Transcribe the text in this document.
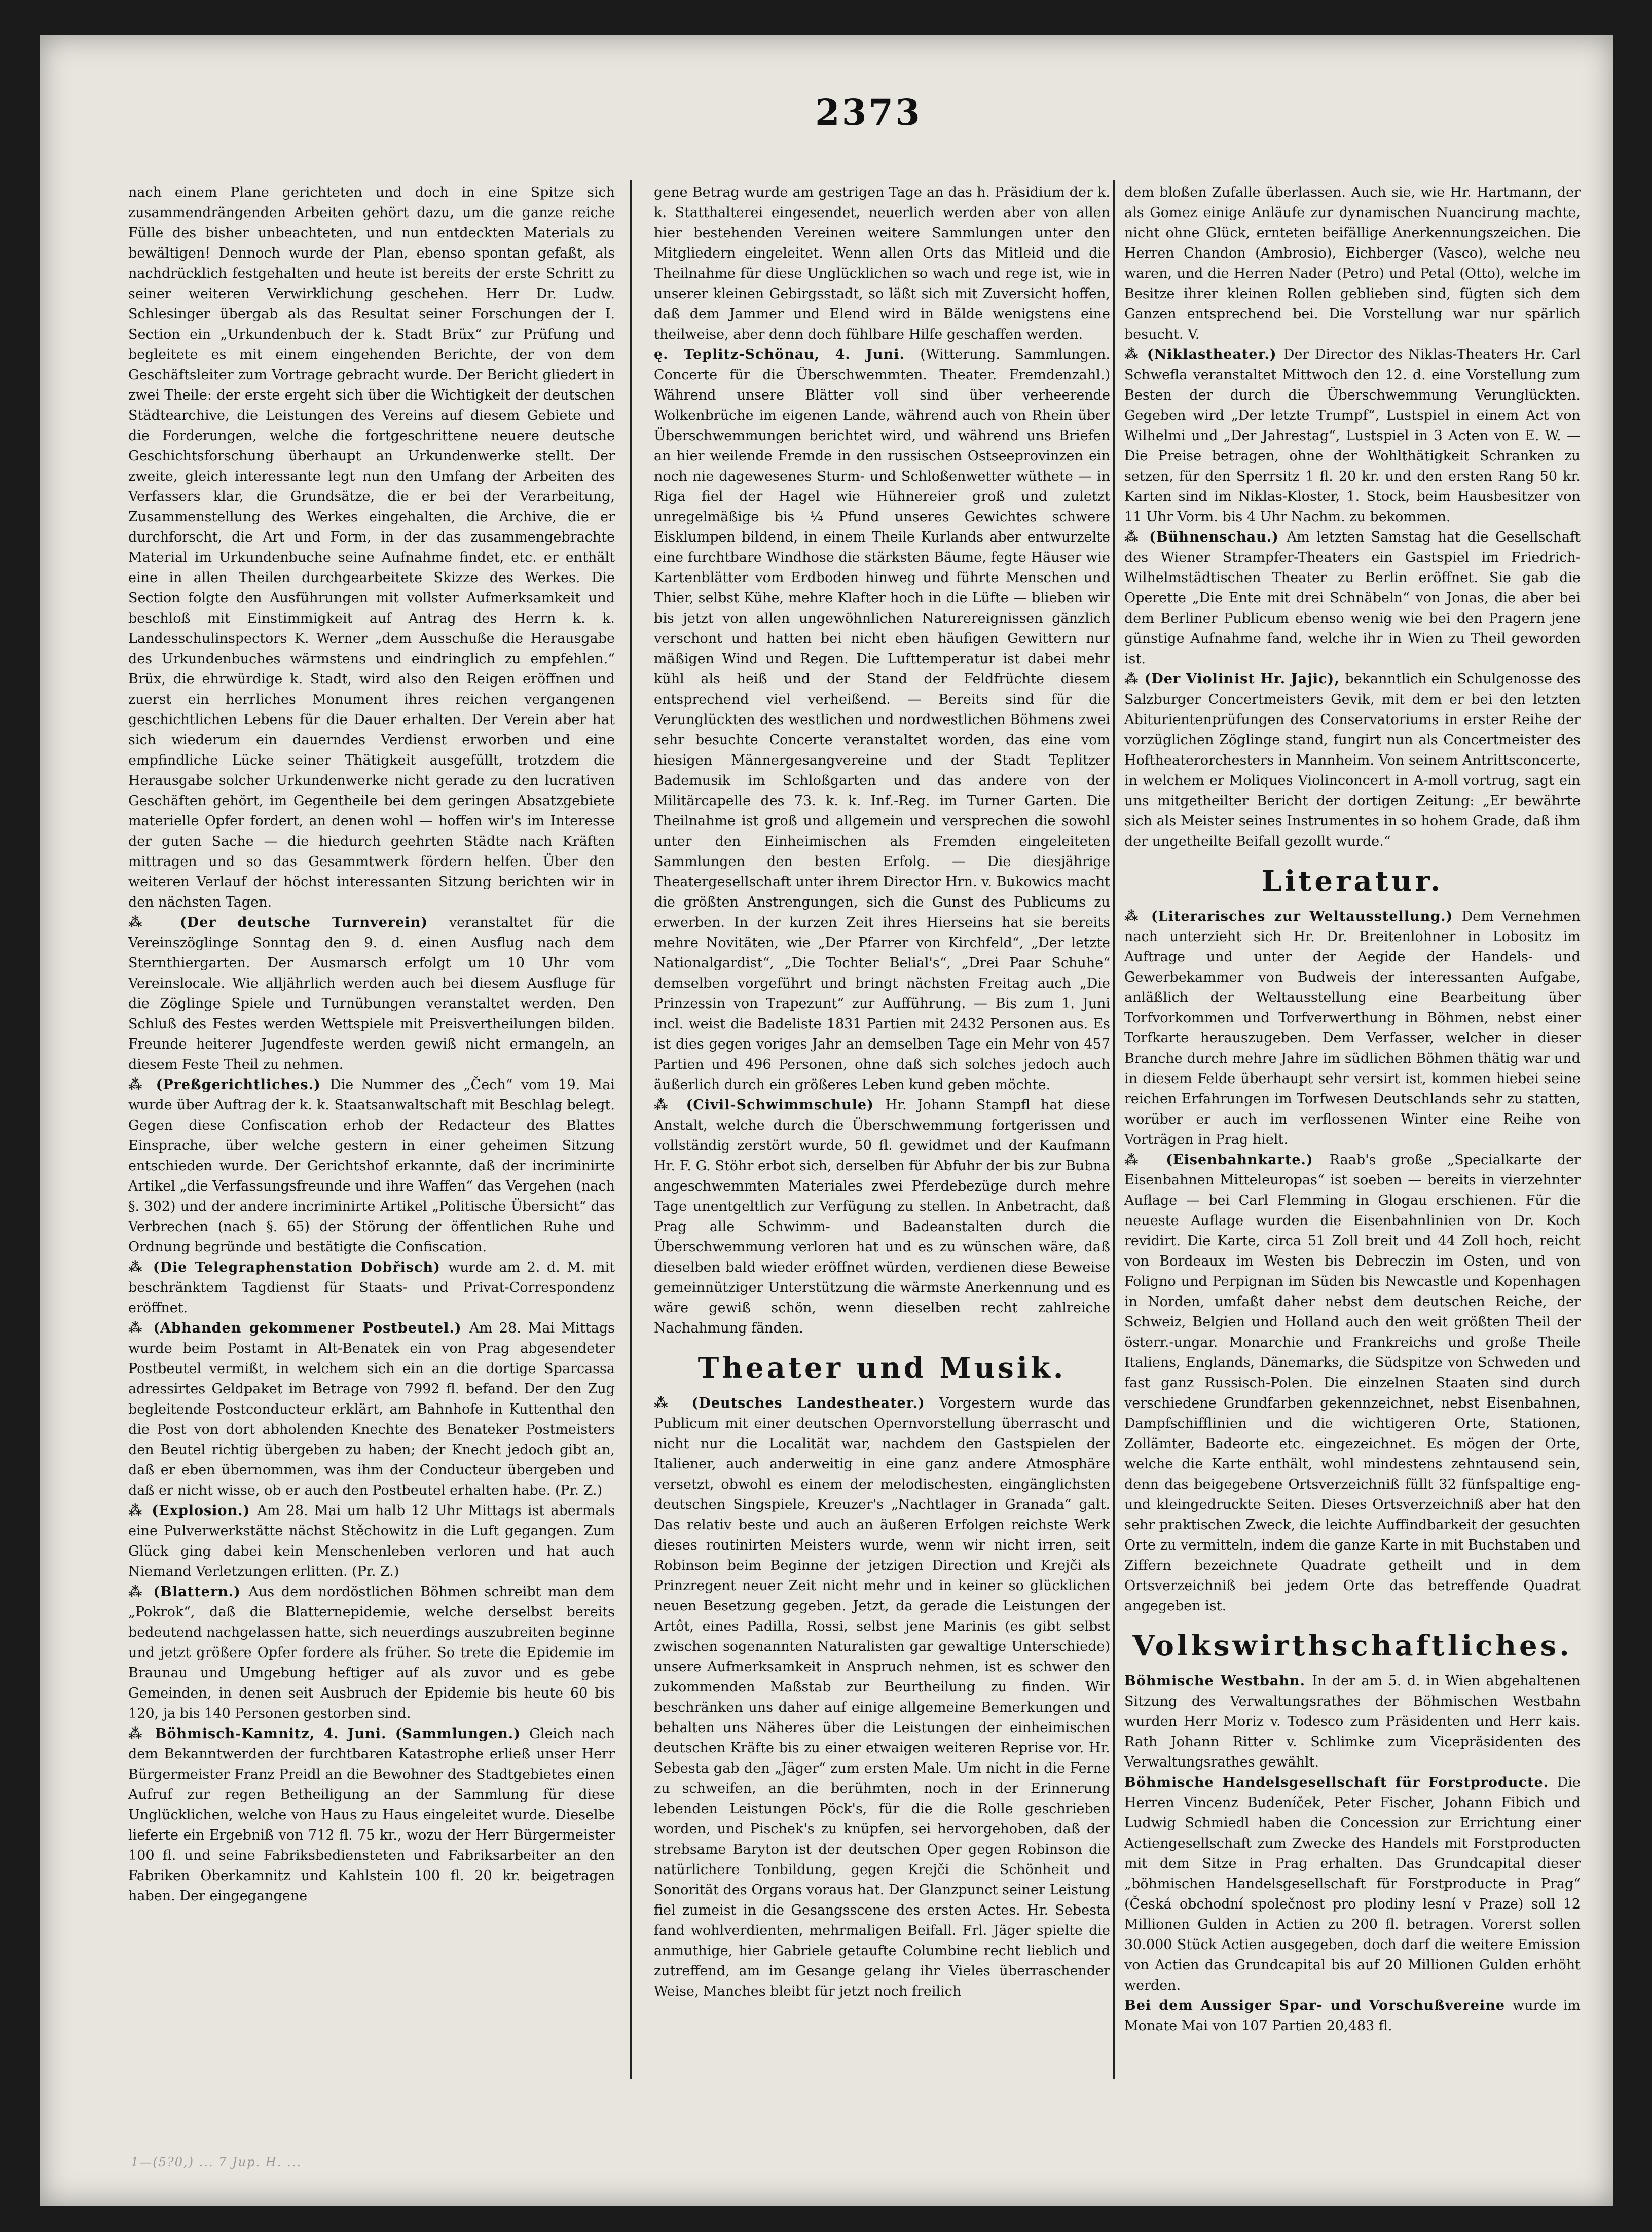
2373

nach einem Plane gerichteten und doch in eine Spitze sich zusammendrängenden Arbeiten gehört dazu, um die ganze reiche Fülle des bisher unbeachteten, und nun entdeckten Materials zu bewältigen! Dennoch wurde der Plan, ebenso spontan gefaßt, als nachdrücklich festgehalten und heute ist bereits der erste Schritt zu seiner weiteren Verwirklichung geschehen. Herr Dr. Ludw. Schlesinger übergab als das Resultat seiner Forschungen der I. Section ein „Urkundenbuch der k. Stadt Brüx“ zur Prüfung und begleitete es mit einem eingehenden Berichte, der von dem Geschäftsleiter zum Vortrage gebracht wurde. Der Bericht gliedert in zwei Theile: der erste ergeht sich über die Wichtigkeit der deutschen Städtearchive, die Leistungen des Vereins auf diesem Gebiete und die Forderungen, welche die fortgeschrittene neuere deutsche Geschichtsforschung überhaupt an Urkundenwerke stellt. Der zweite, gleich interessante legt nun den Umfang der Arbeiten des Verfassers klar, die Grundsätze, die er bei der Verarbeitung, Zusammenstellung des Werkes eingehalten, die Archive, die er durchforscht, die Art und Form, in der das zusammengebrachte Material im Urkundenbuche seine Aufnahme findet, etc. er enthält eine in allen Theilen durchgearbeitete Skizze des Werkes. Die Section folgte den Ausführungen mit vollster Aufmerksamkeit und beschloß mit Einstimmigkeit auf Antrag des Herrn k. k. Landesschulinspectors K. Werner „dem Ausschuße die Herausgabe des Urkundenbuches wärmstens und eindringlich zu empfehlen.“ Brüx, die ehrwürdige k. Stadt, wird also den Reigen eröffnen und zuerst ein herrliches Monument ihres reichen vergangenen geschichtlichen Lebens für die Dauer erhalten. Der Verein aber hat sich wiederum ein dauerndes Verdienst erworben und eine empfindliche Lücke seiner Thätigkeit ausgefüllt, trotzdem die Herausgabe solcher Urkundenwerke nicht gerade zu den lucrativen Geschäften gehört, im Gegentheile bei dem geringen Absatzgebiete materielle Opfer fordert, an denen wohl — hoffen wir's im Interesse der guten Sache — die hiedurch geehrten Städte nach Kräften mittragen und so das Gesammtwerk fördern helfen. Über den weiteren Verlauf der höchst interessanten Sitzung berichten wir in den nächsten Tagen.

⁂ (Der deutsche Turnverein) veranstaltet für die Vereinszöglinge Sonntag den 9. d. einen Ausflug nach dem Sternthiergarten. Der Ausmarsch erfolgt um 10 Uhr vom Vereinslocale. Wie alljährlich werden auch bei diesem Ausfluge für die Zöglinge Spiele und Turnübungen veranstaltet werden. Den Schluß des Festes werden Wettspiele mit Preisvertheilungen bilden. Freunde heiterer Jugendfeste werden gewiß nicht ermangeln, an diesem Feste Theil zu nehmen.

⁂ (Preßgerichtliches.) Die Nummer des „Čech“ vom 19. Mai wurde über Auftrag der k. k. Staatsanwaltschaft mit Beschlag belegt. Gegen diese Confiscation erhob der Redacteur des Blattes Einsprache, über welche gestern in einer geheimen Sitzung entschieden wurde. Der Gerichtshof erkannte, daß der incriminirte Artikel „die Verfassungsfreunde und ihre Waffen“ das Vergehen (nach §. 302) und der andere incriminirte Artikel „Politische Übersicht“ das Verbrechen (nach §. 65) der Störung der öffentlichen Ruhe und Ordnung begründe und bestätigte die Confiscation.

⁂ (Die Telegraphenstation Dobřisch) wurde am 2. d. M. mit beschränktem Tagdienst für Staats- und Privat-Correspondenz eröffnet.

⁂ (Abhanden gekommener Postbeutel.) Am 28. Mai Mittags wurde beim Postamt in Alt-Benatek ein von Prag abgesendeter Postbeutel vermißt, in welchem sich ein an die dortige Sparcassa adressirtes Geldpaket im Betrage von 7992 fl. befand. Der den Zug begleitende Postconducteur erklärt, am Bahnhofe in Kuttenthal den die Post von dort abholenden Knechte des Benateker Postmeisters den Beutel richtig übergeben zu haben; der Knecht jedoch gibt an, daß er eben übernommen, was ihm der Conducteur übergeben und daß er nicht wisse, ob er auch den Postbeutel erhalten habe. (Pr. Z.)

⁂ (Explosion.) Am 28. Mai um halb 12 Uhr Mittags ist abermals eine Pulverwerkstätte nächst Stěchowitz in die Luft gegangen. Zum Glück ging dabei kein Menschenleben verloren und hat auch Niemand Verletzungen erlitten. (Pr. Z.)

⁂ (Blattern.) Aus dem nordöstlichen Böhmen schreibt man dem „Pokrok“, daß die Blatternepidemie, welche derselbst bereits bedeutend nachgelassen hatte, sich neuerdings auszubreiten beginne und jetzt größere Opfer fordere als früher. So trete die Epidemie im Braunau und Umgebung heftiger auf als zuvor und es gebe Gemeinden, in denen seit Ausbruch der Epidemie bis heute 60 bis 120, ja bis 140 Personen gestorben sind.

⁂ Böhmisch-Kamnitz, 4. Juni. (Sammlungen.) Gleich nach dem Bekanntwerden der furchtbaren Katastrophe erließ unser Herr Bürgermeister Franz Preidl an die Bewohner des Stadtgebietes einen Aufruf zur regen Betheiligung an der Sammlung für diese Unglücklichen, welche von Haus zu Haus eingeleitet wurde. Dieselbe lieferte ein Ergebniß von 712 fl. 75 kr., wozu der Herr Bürgermeister 100 fl. und seine Fabriksbediensteten und Fabriksarbeiter an den Fabriken Oberkamnitz und Kahlstein 100 fl. 20 kr. beigetragen haben. Der eingegangene

gene Betrag wurde am gestrigen Tage an das h. Präsidium der k. k. Statthalterei eingesendet, neuerlich werden aber von allen hier bestehenden Vereinen weitere Sammlungen unter den Mitgliedern eingeleitet. Wenn allen Orts das Mitleid und die Theilnahme für diese Unglücklichen so wach und rege ist, wie in unserer kleinen Gebirgsstadt, so läßt sich mit Zuversicht hoffen, daß dem Jammer und Elend wird in Bälde wenigstens eine theilweise, aber denn doch fühlbare Hilfe geschaffen werden.

ę. Teplitz-Schönau, 4. Juni. (Witterung. Sammlungen. Concerte für die Überschwemmten. Theater. Fremdenzahl.) Während unsere Blätter voll sind über verheerende Wolkenbrüche im eigenen Lande, während auch von Rhein über Überschwemmungen berichtet wird, und während uns Briefen an hier weilende Fremde in den russischen Ostseeprovinzen ein noch nie dagewesenes Sturm- und Schloßenwetter wüthete — in Riga fiel der Hagel wie Hühnereier groß und zuletzt unregelmäßige bis ¼ Pfund unseres Gewichtes schwere Eisklumpen bildend, in einem Theile Kurlands aber entwurzelte eine furchtbare Windhose die stärksten Bäume, fegte Häuser wie Kartenblätter vom Erdboden hinweg und führte Menschen und Thier, selbst Kühe, mehre Klafter hoch in die Lüfte — blieben wir bis jetzt von allen ungewöhnlichen Naturereignissen gänzlich verschont und hatten bei nicht eben häufigen Gewittern nur mäßigen Wind und Regen. Die Lufttemperatur ist dabei mehr kühl als heiß und der Stand der Feldfrüchte diesem entsprechend viel verheißend. — Bereits sind für die Verunglückten des westlichen und nordwestlichen Böhmens zwei sehr besuchte Concerte veranstaltet worden, das eine vom hiesigen Männergesangvereine und der Stadt Teplitzer Bademusik im Schloßgarten und das andere von der Militärcapelle des 73. k. k. Inf.-Reg. im Turner Garten. Die Theilnahme ist groß und allgemein und versprechen die sowohl unter den Einheimischen als Fremden eingeleiteten Sammlungen den besten Erfolg. — Die diesjährige Theatergesellschaft unter ihrem Director Hrn. v. Bukowics macht die größten Anstrengungen, sich die Gunst des Publicums zu erwerben. In der kurzen Zeit ihres Hierseins hat sie bereits mehre Novitäten, wie „Der Pfarrer von Kirchfeld“, „Der letzte Nationalgardist“, „Die Tochter Belial's“, „Drei Paar Schuhe“ demselben vorgeführt und bringt nächsten Freitag auch „Die Prinzessin von Trapezunt“ zur Aufführung. — Bis zum 1. Juni incl. weist die Badeliste 1831 Partien mit 2432 Personen aus. Es ist dies gegen voriges Jahr an demselben Tage ein Mehr von 457 Partien und 496 Personen, ohne daß sich solches jedoch auch äußerlich durch ein größeres Leben kund geben möchte.

⁂ (Civil-Schwimmschule) Hr. Johann Stampfl hat diese Anstalt, welche durch die Überschwemmung fortgerissen und vollständig zerstört wurde, 50 fl. gewidmet und der Kaufmann Hr. F. G. Stöhr erbot sich, derselben für Abfuhr der bis zur Bubna angeschwemmten Materiales zwei Pferdebezüge durch mehre Tage unentgeltlich zur Verfügung zu stellen. In Anbetracht, daß Prag alle Schwimm- und Badeanstalten durch die Überschwemmung verloren hat und es zu wünschen wäre, daß dieselben bald wieder eröffnet würden, verdienen diese Beweise gemeinnütziger Unterstützung die wärmste Anerkennung und es wäre gewiß schön, wenn dieselben recht zahlreiche Nachahmung fänden.

Theater und Musik.

⁂ (Deutsches Landestheater.) Vorgestern wurde das Publicum mit einer deutschen Opernvorstellung überrascht und nicht nur die Localität war, nachdem den Gastspielen der Italiener, auch anderweitig in eine ganz andere Atmosphäre versetzt, obwohl es einem der melodischesten, eingänglichsten deutschen Singspiele, Kreuzer's „Nachtlager in Granada“ galt. Das relativ beste und auch an äußeren Erfolgen reichste Werk dieses routinirten Meisters wurde, wenn wir nicht irren, seit Robinson beim Beginne der jetzigen Direction und Krejči als Prinzregent neuer Zeit nicht mehr und in keiner so glücklichen neuen Besetzung gegeben. Jetzt, da gerade die Leistungen der Artôt, eines Padilla, Rossi, selbst jene Marinis (es gibt selbst zwischen sogenannten Naturalisten gar gewaltige Unterschiede) unsere Aufmerksamkeit in Anspruch nehmen, ist es schwer den zukommenden Maßstab zur Beurtheilung zu finden. Wir beschränken uns daher auf einige allgemeine Bemerkungen und behalten uns Näheres über die Leistungen der einheimischen deutschen Kräfte bis zu einer etwaigen weiteren Reprise vor. Hr. Sebesta gab den „Jäger“ zum ersten Male. Um nicht in die Ferne zu schweifen, an die berühmten, noch in der Erinnerung lebenden Leistungen Pöck's, für die die Rolle geschrieben worden, und Pischek's zu knüpfen, sei hervorgehoben, daß der strebsame Baryton ist der deutschen Oper gegen Robinson die natürlichere Tonbildung, gegen Krejči die Schönheit und Sonorität des Organs voraus hat. Der Glanzpunct seiner Leistung fiel zumeist in die Gesangsscene des ersten Actes. Hr. Sebesta fand wohlverdienten, mehrmaligen Beifall. Frl. Jäger spielte die anmuthige, hier Gabriele getaufte Columbine recht lieblich und zutreffend, am im Gesange gelang ihr Vieles überraschender Weise, Manches bleibt für jetzt noch freilich

dem bloßen Zufalle überlassen. Auch sie, wie Hr. Hartmann, der als Gomez einige Anläufe zur dynamischen Nuancirung machte, nicht ohne Glück, ernteten beifällige Anerkennungszeichen. Die Herren Chandon (Ambrosio), Eichberger (Vasco), welche neu waren, und die Herren Nader (Petro) und Petal (Otto), welche im Besitze ihrer kleinen Rollen geblieben sind, fügten sich dem Ganzen entsprechend bei. Die Vorstellung war nur spärlich besucht. V.

⁂ (Niklastheater.) Der Director des Niklas-Theaters Hr. Carl Schwefla veranstaltet Mittwoch den 12. d. eine Vorstellung zum Besten der durch die Überschwemmung Verunglückten. Gegeben wird „Der letzte Trumpf“, Lustspiel in einem Act von Wilhelmi und „Der Jahrestag“, Lustspiel in 3 Acten von E. W. — Die Preise betragen, ohne der Wohlthätigkeit Schranken zu setzen, für den Sperrsitz 1 fl. 20 kr. und den ersten Rang 50 kr. Karten sind im Niklas-Kloster, 1. Stock, beim Hausbesitzer von 11 Uhr Vorm. bis 4 Uhr Nachm. zu bekommen.

⁂ (Bühnenschau.) Am letzten Samstag hat die Gesellschaft des Wiener Strampfer-Theaters ein Gastspiel im Friedrich-Wilhelmstädtischen Theater zu Berlin eröffnet. Sie gab die Operette „Die Ente mit drei Schnäbeln“ von Jonas, die aber bei dem Berliner Publicum ebenso wenig wie bei den Pragern jene günstige Aufnahme fand, welche ihr in Wien zu Theil geworden ist.

⁂ (Der Violinist Hr. Jajic), bekanntlich ein Schulgenosse des Salzburger Concertmeisters Gevik, mit dem er bei den letzten Abiturientenprüfungen des Conservatoriums in erster Reihe der vorzüglichen Zöglinge stand, fungirt nun als Concertmeister des Hoftheaterorchesters in Mannheim. Von seinem Antrittsconcerte, in welchem er Moliques Violinconcert in A-moll vortrug, sagt ein uns mitgetheilter Bericht der dortigen Zeitung: „Er bewährte sich als Meister seines Instrumentes in so hohem Grade, daß ihm der ungetheilte Beifall gezollt wurde.“

Literatur.

⁂ (Literarisches zur Weltausstellung.) Dem Vernehmen nach unterzieht sich Hr. Dr. Breitenlohner in Lobositz im Auftrage und unter der Aegide der Handels- und Gewerbekammer von Budweis der interessanten Aufgabe, anläßlich der Weltausstellung eine Bearbeitung über Torfvorkommen und Torfverwerthung in Böhmen, nebst einer Torfkarte herauszugeben. Dem Verfasser, welcher in dieser Branche durch mehre Jahre im südlichen Böhmen thätig war und in diesem Felde überhaupt sehr versirt ist, kommen hiebei seine reichen Erfahrungen im Torfwesen Deutschlands sehr zu statten, worüber er auch im verflossenen Winter eine Reihe von Vorträgen in Prag hielt.

⁂ (Eisenbahnkarte.) Raab's große „Specialkarte der Eisenbahnen Mitteleuropas“ ist soeben — bereits in vierzehnter Auflage — bei Carl Flemming in Glogau erschienen. Für die neueste Auflage wurden die Eisenbahnlinien von Dr. Koch revidirt. Die Karte, circa 51 Zoll breit und 44 Zoll hoch, reicht von Bordeaux im Westen bis Debreczin im Osten, und von Foligno und Perpignan im Süden bis Newcastle und Kopenhagen in Norden, umfaßt daher nebst dem deutschen Reiche, der Schweiz, Belgien und Holland auch den weit größten Theil der österr.-ungar. Monarchie und Frankreichs und große Theile Italiens, Englands, Dänemarks, die Südspitze von Schweden und fast ganz Russisch-Polen. Die einzelnen Staaten sind durch verschiedene Grundfarben gekennzeichnet, nebst Eisenbahnen, Dampfschifflinien und die wichtigeren Orte, Stationen, Zollämter, Badeorte etc. eingezeichnet. Es mögen der Orte, welche die Karte enthält, wohl mindestens zehntausend sein, denn das beigegebene Ortsverzeichniß füllt 32 fünfspaltige eng- und kleingedruckte Seiten. Dieses Ortsverzeichniß aber hat den sehr praktischen Zweck, die leichte Auffindbarkeit der gesuchten Orte zu vermitteln, indem die ganze Karte in mit Buchstaben und Ziffern bezeichnete Quadrate getheilt und in dem Ortsverzeichniß bei jedem Orte das betreffende Quadrat angegeben ist.

Volkswirthschaftliches.

Böhmische Westbahn. In der am 5. d. in Wien abgehaltenen Sitzung des Verwaltungsrathes der Böhmischen Westbahn wurden Herr Moriz v. Todesco zum Präsidenten und Herr kais. Rath Johann Ritter v. Schlimke zum Vicepräsidenten des Verwaltungsrathes gewählt.

Böhmische Handelsgesellschaft für Forstproducte. Die Herren Vincenz Budeníček, Peter Fischer, Johann Fibich und Ludwig Schmiedl haben die Concession zur Errichtung einer Actiengesellschaft zum Zwecke des Handels mit Forstproducten mit dem Sitze in Prag erhalten. Das Grundcapital dieser „böhmischen Handelsgesellschaft für Forstproducte in Prag“ (Česká obchodní společnost pro plodiny lesní v Praze) soll 12 Millionen Gulden in Actien zu 200 fl. betragen. Vorerst sollen 30.000 Stück Actien ausgegeben, doch darf die weitere Emission von Actien das Grundcapital bis auf 20 Millionen Gulden erhöht werden.

Bei dem Aussiger Spar- und Vorschußvereine wurde im Monate Mai von 107 Partien 20,483 fl.

1—(5?0,) ... 7 Jup. H. ...
